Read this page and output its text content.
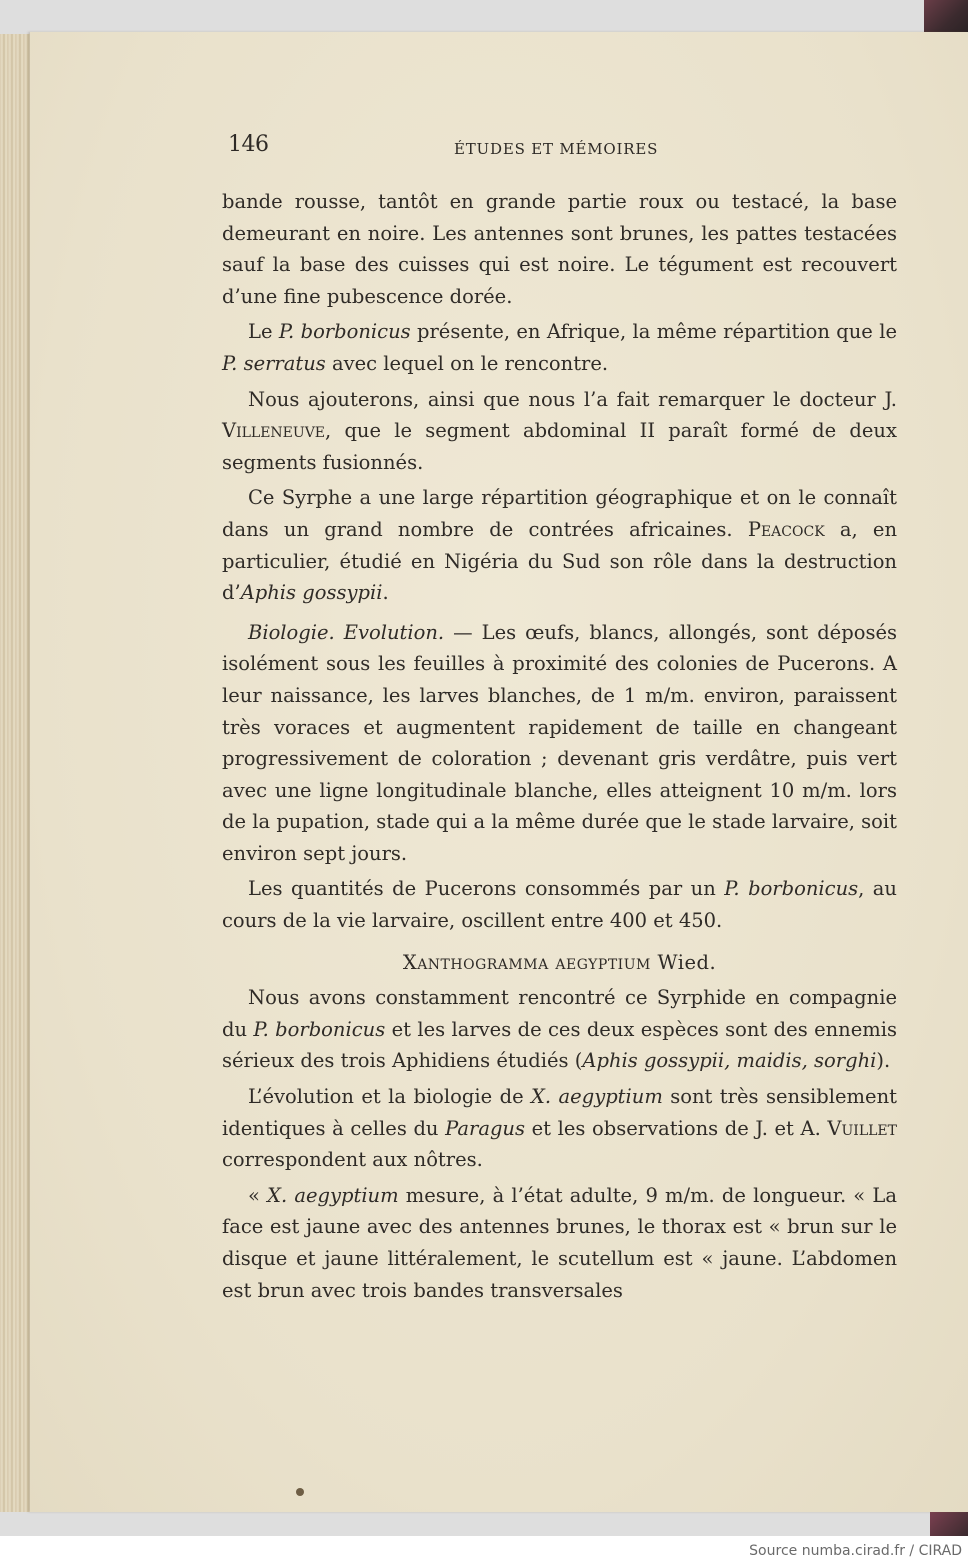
146	ÉTUDES ET MÉMOIRES

bande rousse, tantôt en grande partie roux ou testacé, la base demeurant en noire. Les antennes sont brunes, les pattes testacées sauf la base des cuisses qui est noire. Le tégument est recouvert d’une fine pubescence dorée.

Le P. borbonicus présente, en Afrique, la même répartition que le P. serratus avec lequel on le rencontre.

Nous ajouterons, ainsi que nous l’a fait remarquer le docteur J. Villeneuve, que le segment abdominal II paraît formé de deux segments fusionnés.

Ce Syrphe a une large répartition géographique et on le connaît dans un grand nombre de contrées africaines. Peacock a, en particulier, étudié en Nigéria du Sud son rôle dans la destruction d’Aphis gossypii.

Biologie. Evolution. — Les œufs, blancs, allongés, sont déposés isolément sous les feuilles à proximité des colonies de Pucerons. A leur naissance, les larves blanches, de 1 m/m. environ, paraissent très voraces et augmentent rapidement de taille en changeant progressivement de coloration ; devenant gris verdâtre, puis vert avec une ligne longitudinale blanche, elles atteignent 10 m/m. lors de la pupation, stade qui a la même durée que le stade larvaire, soit environ sept jours.

Les quantités de Pucerons consommés par un P. borbonicus, au cours de la vie larvaire, oscillent entre 400 et 450.

Xanthogramma aegyptium Wied.

Nous avons constamment rencontré ce Syrphide en compagnie du P. borbonicus et les larves de ces deux espèces sont des ennemis sérieux des trois Aphidiens étudiés (Aphis gossypii, maidis, sorghi).

L’évolution et la biologie de X. aegyptium sont très sensiblement identiques à celles du Paragus et les observations de J. et A. Vuillet correspondent aux nôtres.

« X. aegyptium mesure, à l’état adulte, 9 m/m. de longueur. « La face est jaune avec des antennes brunes, le thorax est « brun sur le disque et jaune littéralement, le scutellum est « jaune. L’abdomen est brun avec trois bandes transversales

Source numba.cirad.fr / CIRAD
